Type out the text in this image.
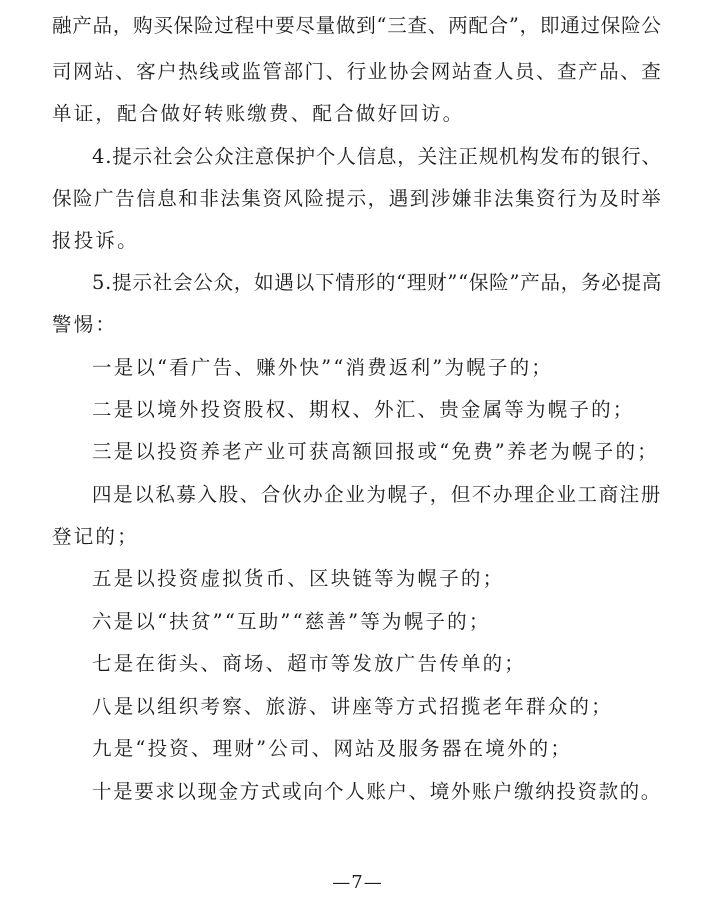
融产品，购买保险过程中要尽量做到“三查、两配合”，即通过保险公
司网站、客户热线或监管部门、行业协会网站查人员、查产品、查
单证，配合做好转账缴费、配合做好回访。
4.提示社会公众注意保护个人信息，关注正规机构发布的银行、
保险广告信息和非法集资风险提示，遇到涉嫌非法集资行为及时举
报投诉。
5.提示社会公众，如遇以下情形的“理财”“保险”产品，务必提高
警惕：
一是以“看广告、赚外快”“消费返利”为幌子的；
二是以境外投资股权、期权、外汇、贵金属等为幌子的；
三是以投资养老产业可获高额回报或“免费”养老为幌子的；
四是以私募入股、合伙办企业为幌子，但不办理企业工商注册
登记的；
五是以投资虚拟货币、区块链等为幌子的；
六是以“扶贫”“互助”“慈善”等为幌子的；
七是在街头、商场、超市等发放广告传单的；
八是以组织考察、旅游、讲座等方式招揽老年群众的；
九是“投资、理财”公司、网站及服务器在境外的；
十是要求以现金方式或向个人账户、境外账户缴纳投资款的。
—7—
